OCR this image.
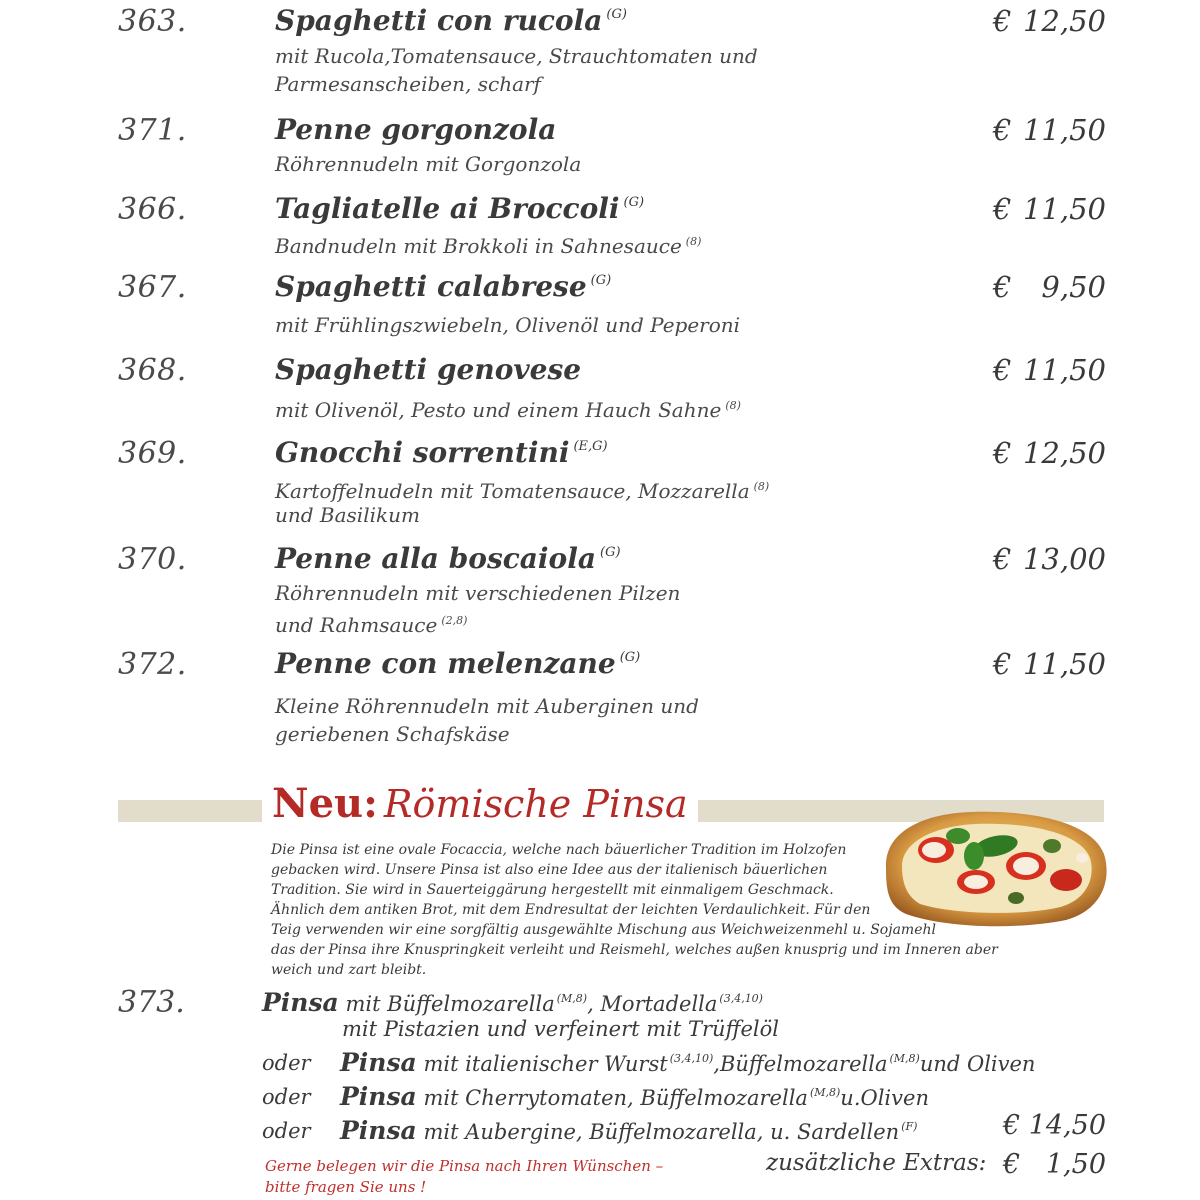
363.	Spaghetti con rucola $^{(G)}$
mit Rucola,Tomatensauce, Strauchtomaten und
Parmesanscheiben, scharf
€ 12,50
371.	Penne gorgonzola
Röhrennudeln mit Gorgonzola
€ 11,50
366.	Tagliatelle ai Broccoli $^{(G)}$
Bandnudeln mit Brokkoli in Sahnesauce $^{(8)}$
€ 11,50
367.	Spaghetti calabrese $^{(G)}$
mit Frühlingszwiebeln, Olivenöl und Peperoni
€ 9,50
368.	Spaghetti genovese
mit Olivenöl, Pesto und einem Hauch Sahne $^{(8)}$
€ 11,50
369.	Gnocchi sorrentini $^{(E,G)}$
Kartoffelnudeln mit Tomatensauce, Mozzarella $^{(8)}$
und Basilikum
€ 12,50
370.	Penne alla boscaiola $^{(G)}$
Röhrennudeln mit verschiedenen Pilzen
und Rahmsauce $^{(2,8)}$
€ 13,00
372.	Penne con melenzane $^{(G)}$
Kleine Röhrennudeln mit Auberginen und
geriebenen Schafskäse
€ 11,50
Neu: Römische Pinsa
Die Pinsa ist eine ovale Focaccia, welche nach bäuerlicher Tradition im Holzofen
gebacken wird. Unsere Pinsa ist also eine Idee aus der italienisch bäuerlichen
Tradition. Sie wird in Sauerteiggärung hergestellt mit einmaligem Geschmack.
Ähnlich dem antiken Brot, mit dem Endresultat der leichten Verdaulichkeit. Für den
Teig verwenden wir eine sorgfältig ausgewählte Mischung aus Weichweizenmehl u. Sojamehl
das der Pinsa ihre Knuspringkeit verleiht und Reismehl, welches außen knusprig und im Inneren aber
weich und zart bleibt.
373.	Pinsa mit Büffelmozarella $^{(M,8)}$, Mortadella $^{(3,4,10)}$
mit Pistazien und verfeinert mit Trüffelöl
oder Pinsa mit italienischer Wurst $^{(3,4,10)}$,Büffelmozarella $^{(M,8)}$und Oliven
oder Pinsa mit Cherrytomaten, Büffelmozarella $^{(M,8)}$u.Oliven
oder Pinsa mit Aubergine, Büffelmozarella, u. Sardellen $^{(F)}$	€ 14,50
Gerne belegen wir die Pinsa nach Ihren Wünschen –
bitte fragen Sie uns !
zusätzliche Extras: € 1,50
